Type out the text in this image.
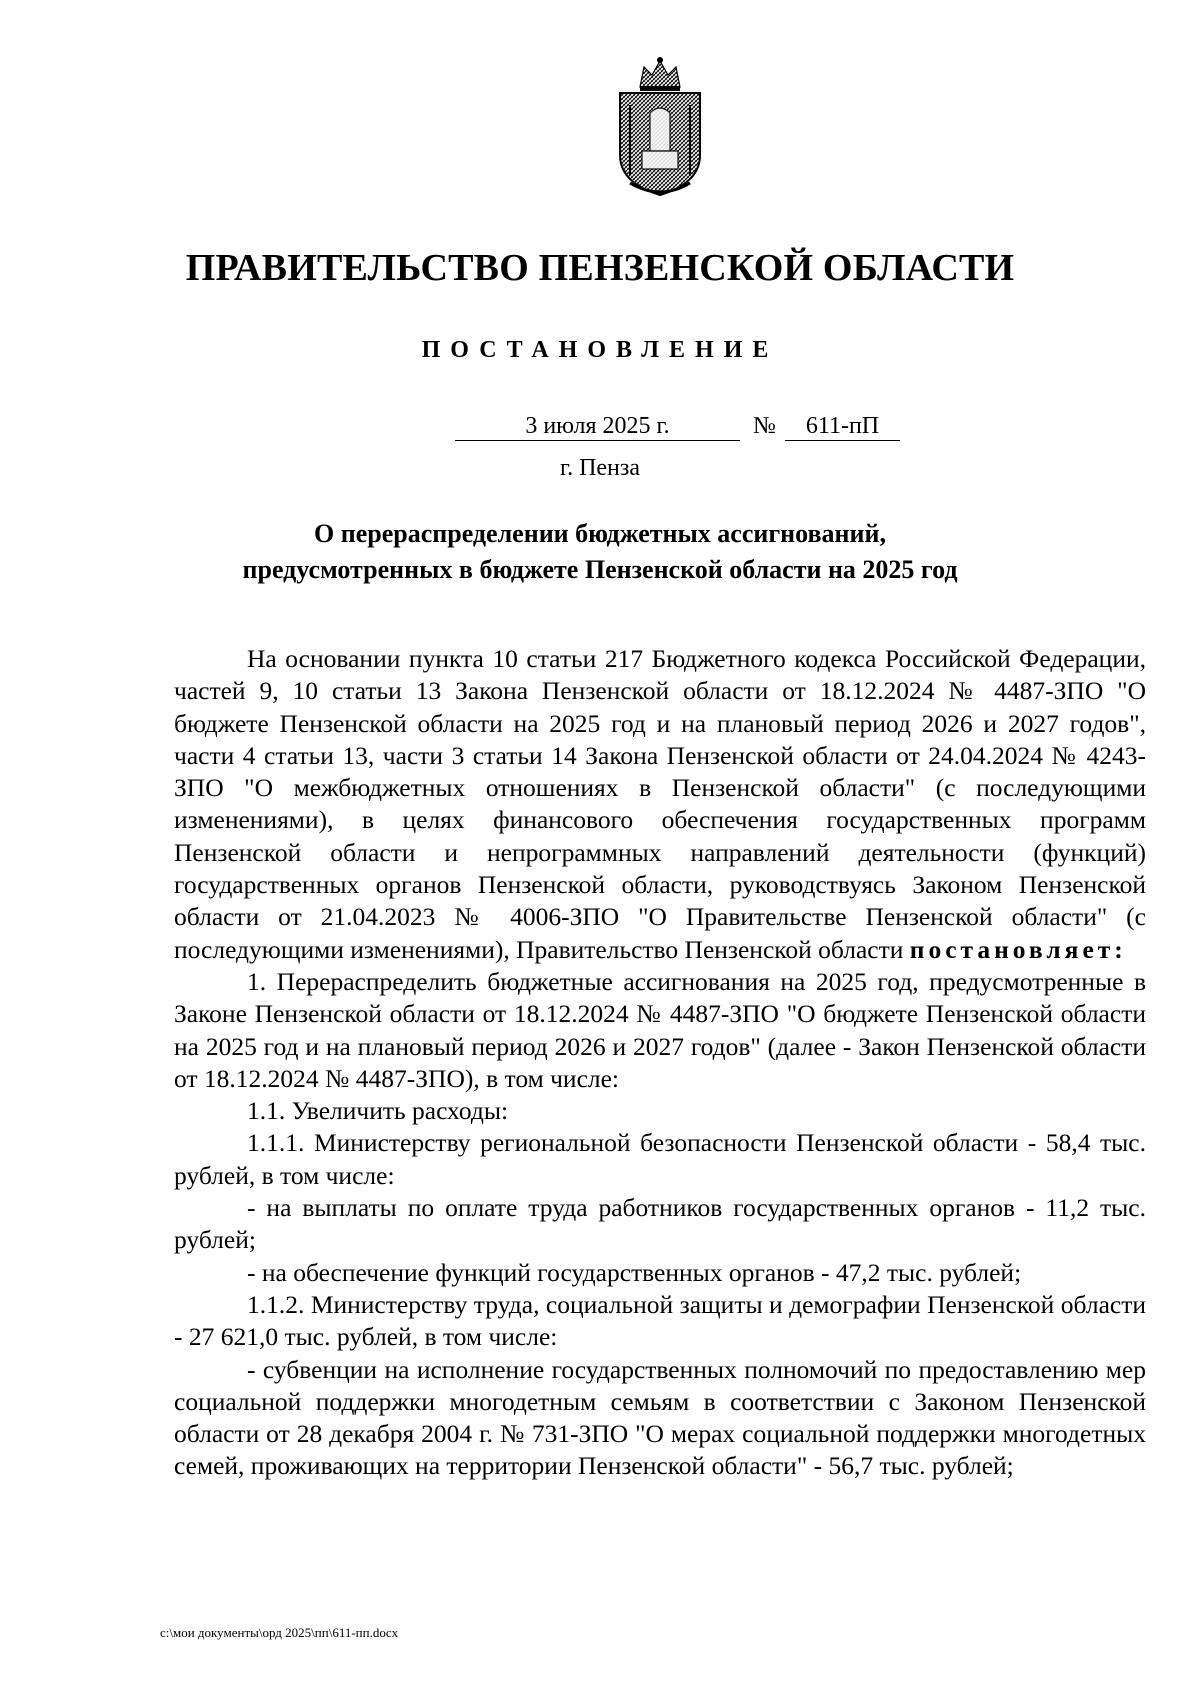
ПРАВИТЕЛЬСТВО ПЕНЗЕНСКОЙ ОБЛАСТИ
ПОСТАНОВЛЕНИЕ
3 июля 2025 г.	№	611-пП
г. Пенза
О перераспределении бюджетных ассигнований,
предусмотренных в бюджете Пензенской области на 2025 год

На основании пункта 10 статьи 217 Бюджетного кодекса Российской Федерации, частей 9, 10 статьи 13 Закона Пензенской области от 18.12.2024 № 4487-ЗПО "О бюджете Пензенской области на 2025 год и на плановый период 2026 и 2027 годов", части 4 статьи 13, части 3 статьи 14 Закона Пензенской области от 24.04.2024 № 4243-ЗПО "О межбюджетных отношениях в Пензенской области" (с последующими изменениями), в целях финансового обеспечения государственных программ Пензенской области и непрограммных направлений деятельности (функций) государственных органов Пензенской области, руководствуясь Законом Пензенской области от 21.04.2023 № 4006-ЗПО "О Правительстве Пензенской области" (с последующими изменениями), Правительство Пензенской области постановляет:

1. Перераспределить бюджетные ассигнования на 2025 год, предусмотренные в Законе Пензенской области от 18.12.2024 № 4487-ЗПО "О бюджете Пензенской области на 2025 год и на плановый период 2026 и 2027 годов" (далее - Закон Пензенской области от 18.12.2024 № 4487-ЗПО), в том числе:

1.1. Увеличить расходы:

1.1.1. Министерству региональной безопасности Пензенской области - 58,4 тыс. рублей, в том числе:

- на выплаты по оплате труда работников государственных органов - 11,2 тыс. рублей;

- на обеспечение функций государственных органов - 47,2 тыс. рублей;

1.1.2. Министерству труда, социальной защиты и демографии Пензенской области - 27 621,0 тыс. рублей, в том числе:

- субвенции на исполнение государственных полномочий по предоставлению мер социальной поддержки многодетным семьям в соответствии с Законом Пензенской области от 28 декабря 2004 г. № 731-ЗПО "О мерах социальной поддержки многодетных семей, проживающих на территории Пензенской области" - 56,7 тыс. рублей;

c:\мои документы\орд 2025\пп\611-пп.docx
